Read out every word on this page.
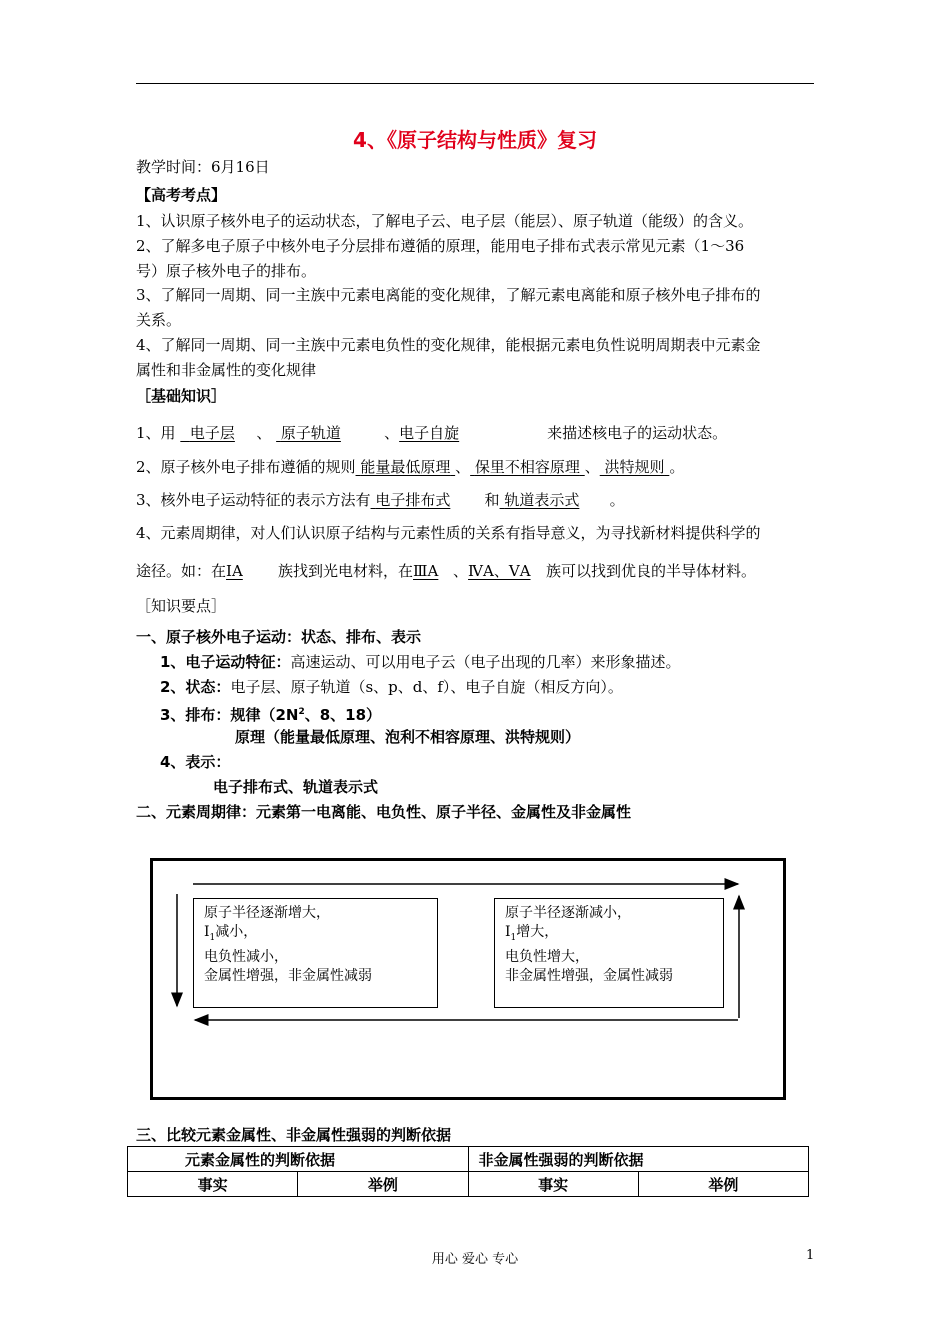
4、《原子结构与性质》复习
教学时间：6月16日
【高考考点】
1、认识原子核外电子的运动状态，了解电子云、电子层（能层）、原子轨道（能级）的含义。
2、了解多电子原子中核外电子分层排布遵循的原理，能用电子排布式表示常见元素（1～36
号）原子核外电子的排布。
3、了解同一周期、同一主族中元素电离能的变化规律，了解元素电离能和原子核外电子排布的
关系。
4、了解同一周期、同一主族中元素电负性的变化规律，能根据元素电负性说明周期表中元素金
属性和非金属性的变化规律
［基础知识］
1、用 电子层 、 原子轨道	、电子自旋	来描述核电子的运动状态。
2、原子核外电子排布遵循的规则 能量最低原理 、 保里不相容原理 、 洪特规则 。
3、核外电子运动特征的表示方法有 电子排布式 和 轨道表示式 。
4、元素周期律，对人们认识原子结构与元素性质的关系有指导意义，为寻找新材料提供科学的
途径。如：在ⅠA 族找到光电材料，在ⅢA 、ⅣA、ⅤA 族可以找到优良的半导体材料。
［知识要点］
一、原子核外电子运动：状态、排布、表示
1、电子运动特征：高速运动、可以用电子云（电子出现的几率）来形象描述。
2、状态：电子层、原子轨道（s、p、d、f）、电子自旋（相反方向）。
3、排布：规律（$2N^2$、8、18）
原理（能量最低原理、泡利不相容原理、洪特规则）
4、表示：
电子排布式、轨道表示式
二、元素周期律：元素第一电离能、电负性、原子半径、金属性及非金属性
原子半径逐渐增大，
$I_1$减小，
电负性减小，
金属性增强，非金属性减弱
原子半径逐渐减小，
$I_1$增大，
电负性增大，
非金属性增强，金属性减弱
三、比较元素金属性、非金属性强弱的判断依据
元素金属性的判断依据		非金属性强弱的判断依据	
事实	举例	事实	举例
用心 爱心 专心	1
